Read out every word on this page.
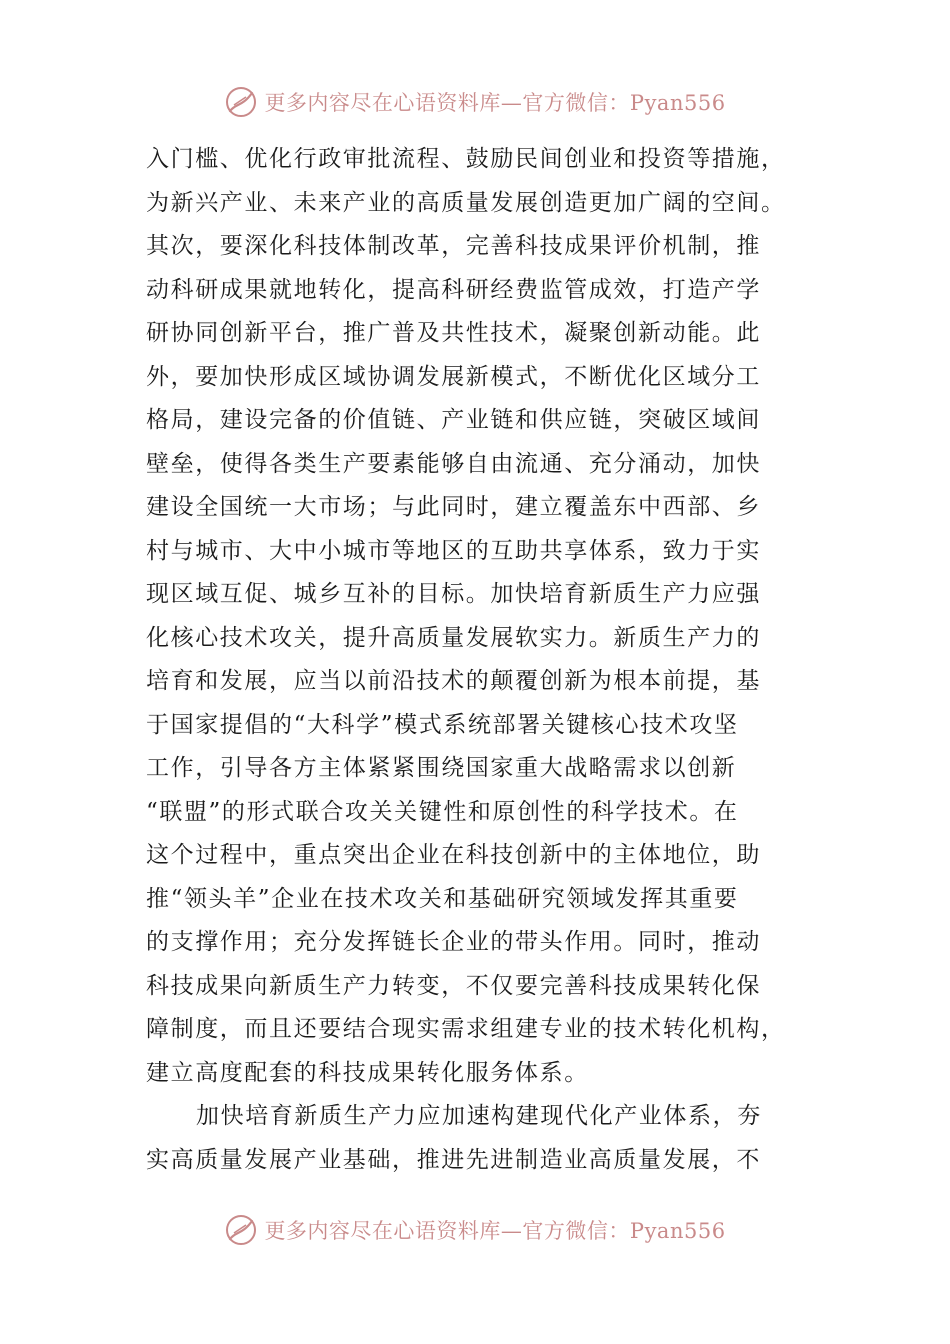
更多内容尽在心语资料库—官方微信：Pyan556
入门槛、优化行政审批流程、鼓励民间创业和投资等措施，
为新兴产业、未来产业的高质量发展创造更加广阔的空间。
其次，要深化科技体制改革，完善科技成果评价机制，推
动科研成果就地转化，提高科研经费监管成效，打造产学
研协同创新平台，推广普及共性技术，凝聚创新动能。此
外，要加快形成区域协调发展新模式，不断优化区域分工
格局，建设完备的价值链、产业链和供应链，突破区域间
壁垒，使得各类生产要素能够自由流通、充分涌动，加快
建设全国统一大市场；与此同时，建立覆盖东中西部、乡
村与城市、大中小城市等地区的互助共享体系，致力于实
现区域互促、城乡互补的目标。加快培育新质生产力应强
化核心技术攻关，提升高质量发展软实力。新质生产力的
培育和发展，应当以前沿技术的颠覆创新为根本前提，基
于国家提倡的“大科学”模式系统部署关键核心技术攻坚
工作，引导各方主体紧紧围绕国家重大战略需求以创新
“联盟”的形式联合攻关关键性和原创性的科学技术。在
这个过程中，重点突出企业在科技创新中的主体地位，助
推“领头羊”企业在技术攻关和基础研究领域发挥其重要
的支撑作用；充分发挥链长企业的带头作用。同时，推动
科技成果向新质生产力转变，不仅要完善科技成果转化保
障制度，而且还要结合现实需求组建专业的技术转化机构，
建立高度配套的科技成果转化服务体系。
加快培育新质生产力应加速构建现代化产业体系，夯
实高质量发展产业基础，推进先进制造业高质量发展，不
更多内容尽在心语资料库—官方微信：Pyan556
